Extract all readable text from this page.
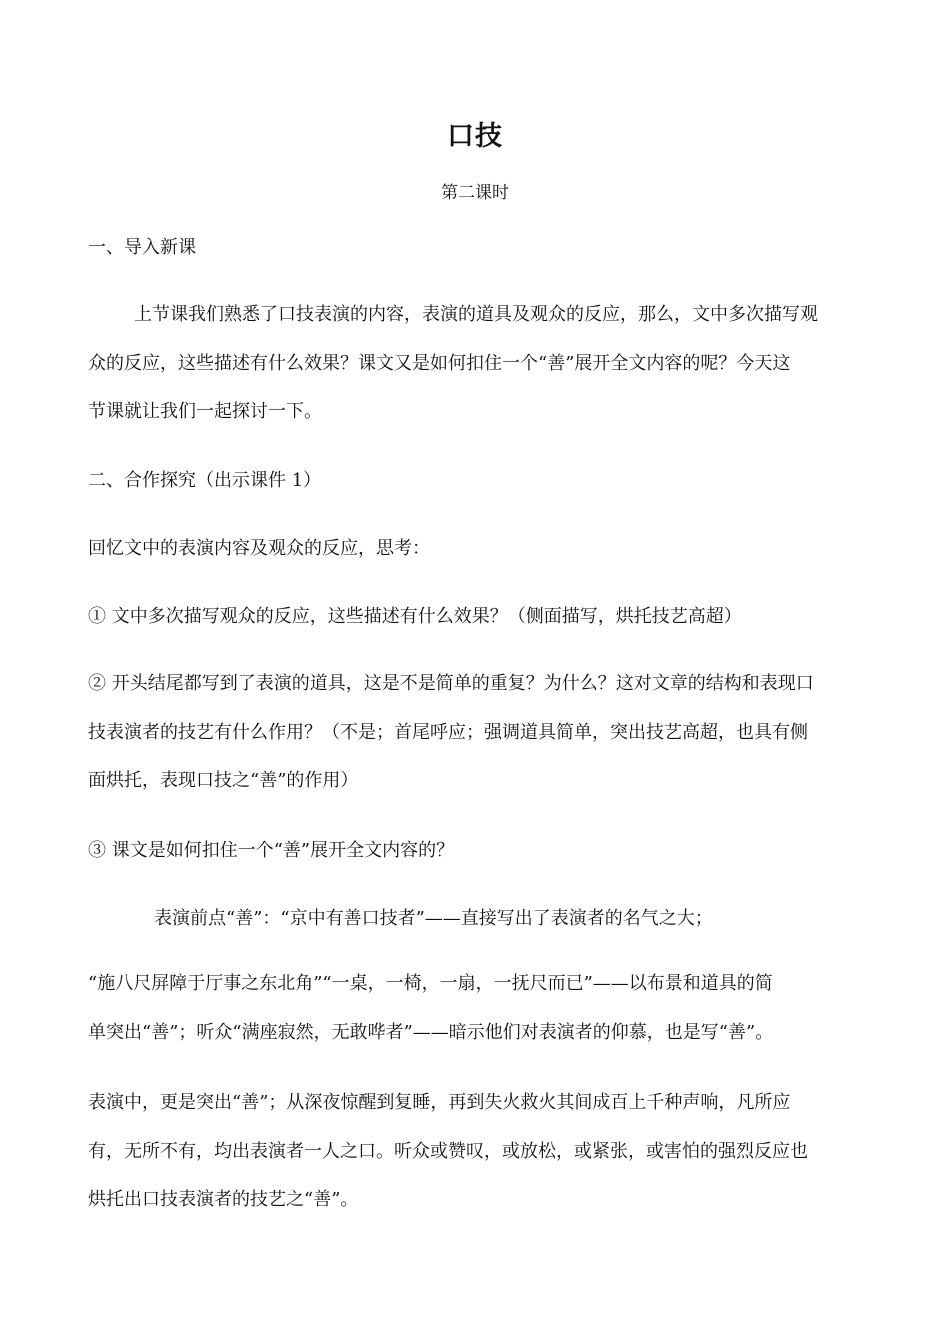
口技
第二课时
一、导入新课
上节课我们熟悉了口技表演的内容，表演的道具及观众的反应，那么，文中多次描写观
众的反应，这些描述有什么效果？课文又是如何扣住一个“善”展开全文内容的呢？今天这
节课就让我们一起探讨一下。
二、合作探究（出示课件 1）
回忆文中的表演内容及观众的反应，思考：
① 文中多次描写观众的反应，这些描述有什么效果？（侧面描写，烘托技艺高超）
② 开头结尾都写到了表演的道具，这是不是简单的重复？为什么？这对文章的结构和表现口
技表演者的技艺有什么作用？（不是；首尾呼应；强调道具简单，突出技艺高超，也具有侧
面烘托，表现口技之“善”的作用）
③ 课文是如何扣住一个“善”展开全文内容的？
表演前点“善”：“京中有善口技者”——直接写出了表演者的名气之大；
“施八尺屏障于厅事之东北角”“一桌，一椅，一扇，一抚尺而已”——以布景和道具的简
单突出“善”；听众“满座寂然，无敢哗者”——暗示他们对表演者的仰慕，也是写“善”。
表演中，更是突出“善”；从深夜惊醒到复睡，再到失火救火其间成百上千种声响，凡所应
有，无所不有，均出表演者一人之口。听众或赞叹，或放松，或紧张，或害怕的强烈反应也
烘托出口技表演者的技艺之“善”。
